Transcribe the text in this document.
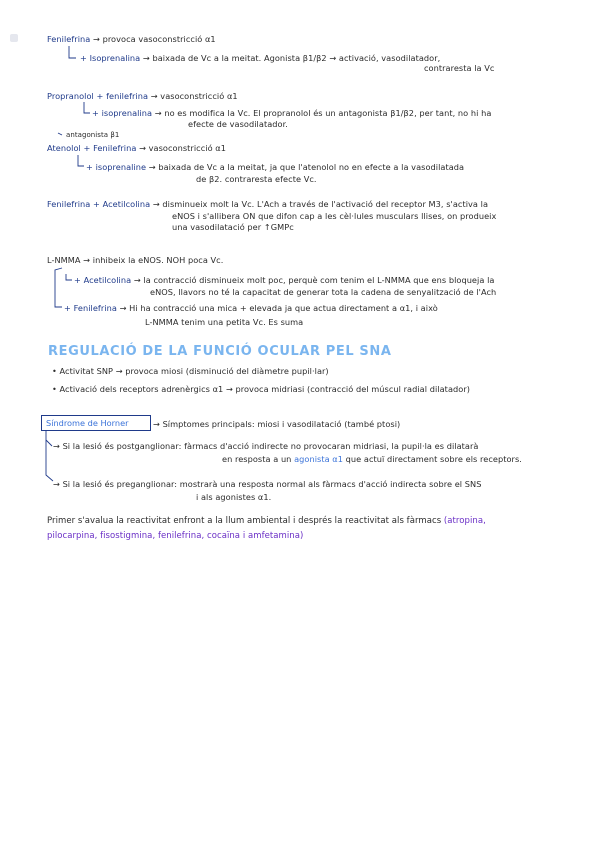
Fenilefrina → provoca vasoconstricció α1
+ Isoprenalina → baixada de Vc a la meitat. Agonista β1/β2 → activació, vasodilatador,
contraresta la Vc
Propranolol + fenilefrina → vasoconstricció α1
+ isoprenalina → no es modifica la Vc. El propranolol és un antagonista β1/β2, per tant, no hi ha
efecte de vasodilatador.
antagonista β1
Atenolol + Fenilefrina → vasoconstricció α1
+ isoprenaline → baixada de Vc a la meitat, ja que l'atenolol no en efecte a la vasodilatada
de β2. contraresta efecte Vc.
Fenilefrina + Acetilcolina → disminueix molt la Vc. L'Ach a través de l'activació del receptor M3, s'activa la
eNOS i s'allibera ON que difon cap a les cèl·lules musculars llises, on produeix
una vasodilatació per ↑GMPc
L-NMMA → inhibeix la eNOS. NOH poca Vc.
+ Acetilcolina → la contracció disminueix molt poc, perquè com tenim el L-NMMA que ens bloqueja la
eNOS, llavors no té la capacitat de generar tota la cadena de senyalització de l'Ach
+ Fenilefrina → Hi ha contracció una mica + elevada ja que actua directament a α1, i això
L-NMMA tenim una petita Vc. Es suma
REGULACIÓ DE LA FUNCIÓ OCULAR PEL SNA
• Activitat SNP → provoca miosi (disminució del diàmetre pupil·lar)
• Activació dels receptors adrenèrgics α1 → provoca midriasi (contracció del múscul radial dilatador)
Síndrome de Horner	→ Símptomes principals: miosi i vasodilatació (també ptosi)
→ Si la lesió és postganglionar: fàrmacs d'acció indirecte no provocaran midriasi, la pupil·la es dilatarà
en resposta a un agonista α1 que actuï directament sobre els receptors.
→ Si la lesió és preganglionar: mostrarà una resposta normal als fàrmacs d'acció indirecta sobre el SNS
i als agonistes α1.
Primer s'avalua la reactivitat enfront a la llum ambiental i després la reactivitat als fàrmacs (atropina,
pilocarpina, fisostigmina, fenilefrina, cocaïna i amfetamina)
